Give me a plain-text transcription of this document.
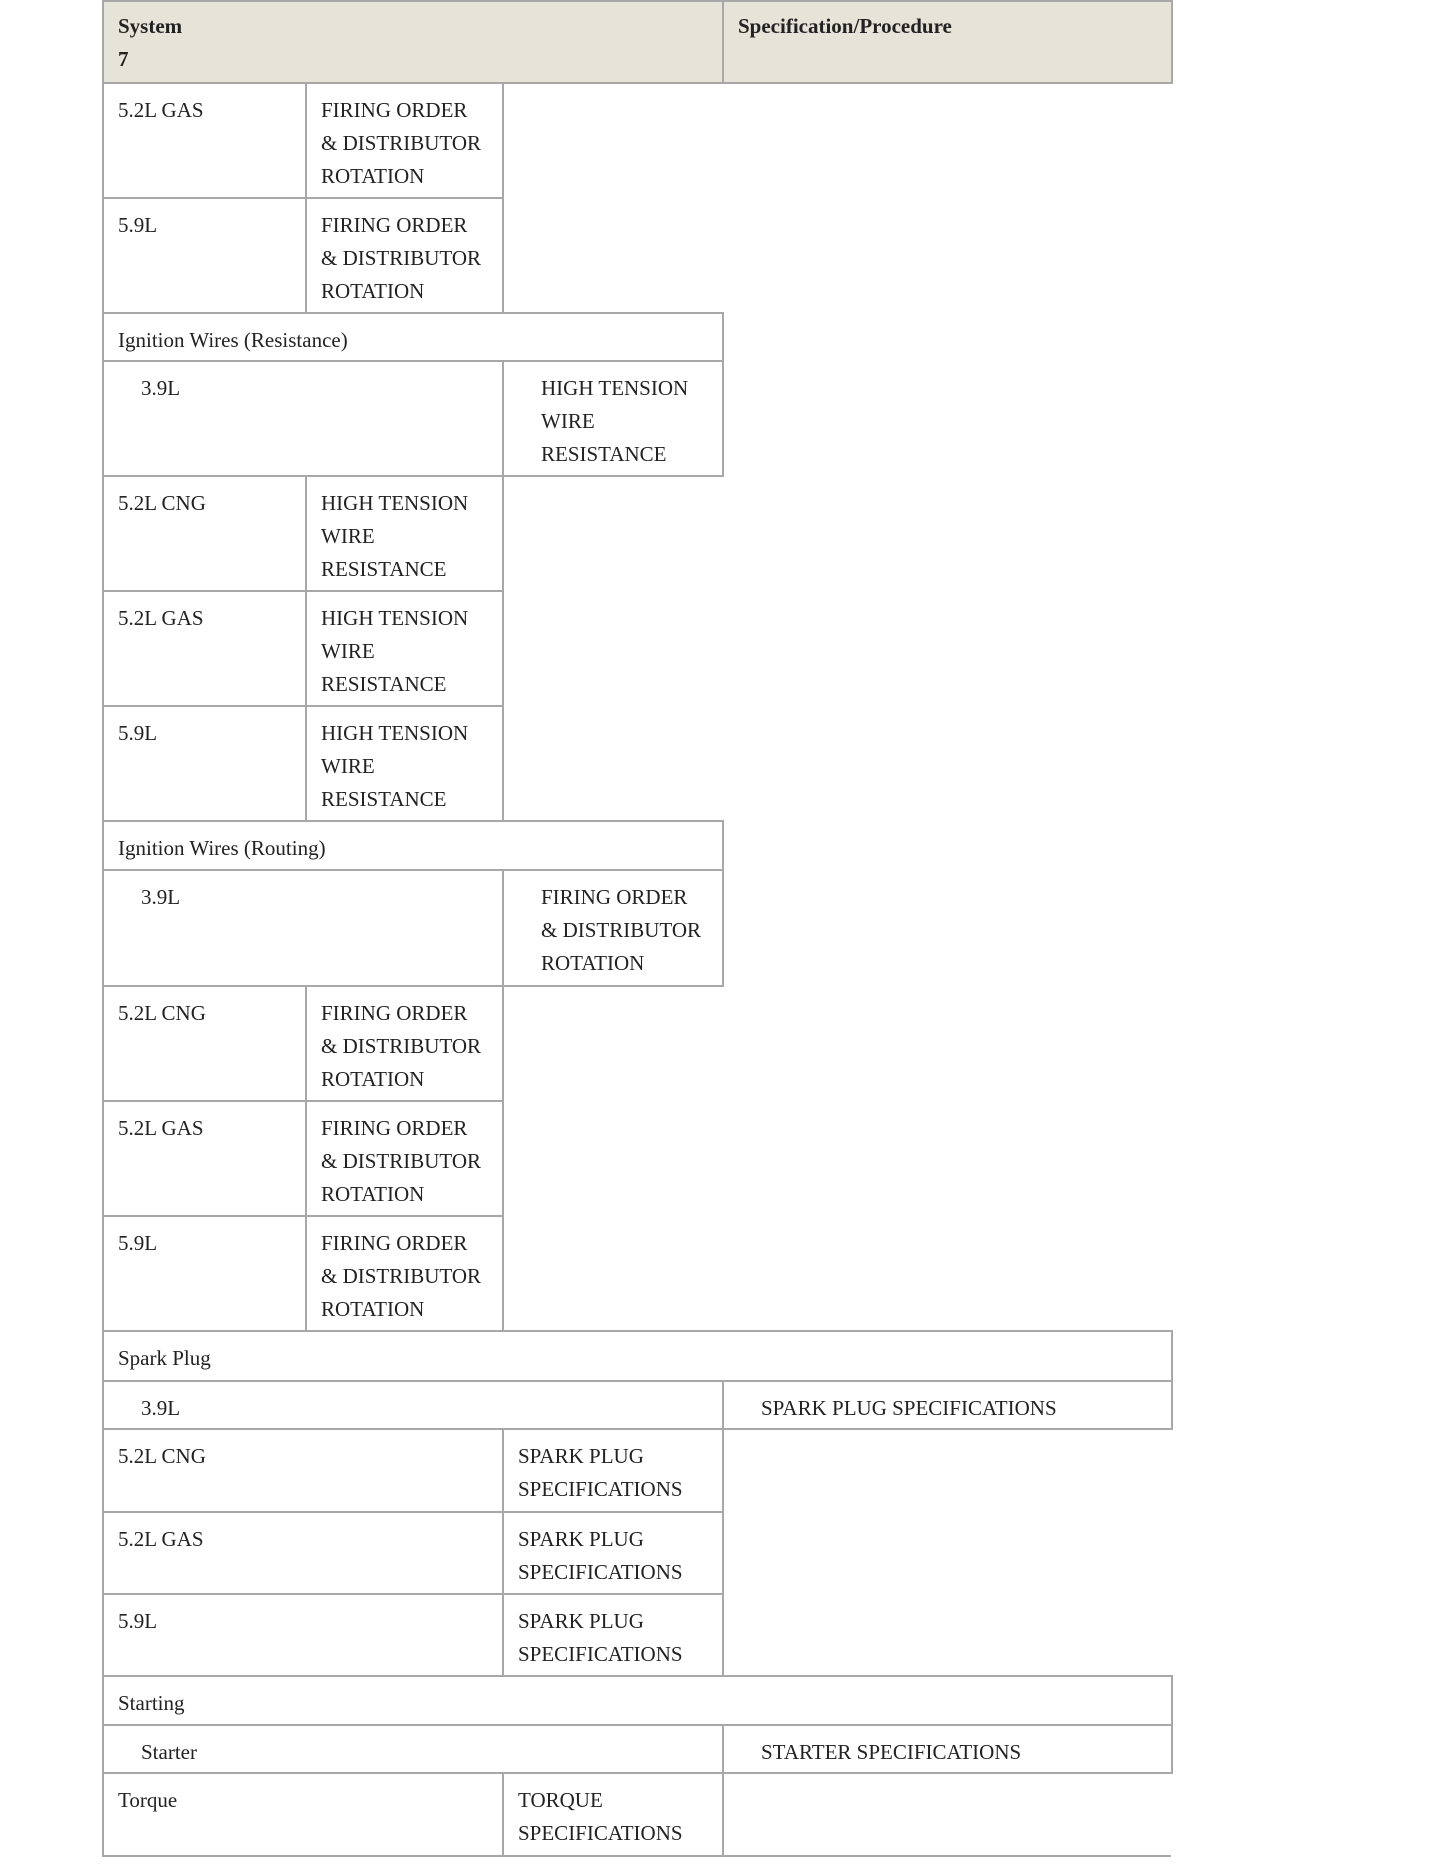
System
7
Specification/Procedure
5.2L GAS	FIRING ORDER
& DISTRIBUTOR
ROTATION
5.9L	FIRING ORDER
& DISTRIBUTOR
ROTATION
Ignition Wires (Resistance)
3.9L	HIGH TENSION
WIRE
RESISTANCE
5.2L CNG	HIGH TENSION
WIRE
RESISTANCE
5.2L GAS	HIGH TENSION
WIRE
RESISTANCE
5.9L	HIGH TENSION
WIRE
RESISTANCE
Ignition Wires (Routing)
3.9L	FIRING ORDER
& DISTRIBUTOR
ROTATION
5.2L CNG	FIRING ORDER
& DISTRIBUTOR
ROTATION
5.2L GAS	FIRING ORDER
& DISTRIBUTOR
ROTATION
5.9L	FIRING ORDER
& DISTRIBUTOR
ROTATION
Spark Plug
3.9L	SPARK PLUG SPECIFICATIONS
5.2L CNG	SPARK PLUG
SPECIFICATIONS
5.2L GAS	SPARK PLUG
SPECIFICATIONS
5.9L	SPARK PLUG
SPECIFICATIONS
Starting
Starter	STARTER SPECIFICATIONS
Torque	TORQUE
SPECIFICATIONS
